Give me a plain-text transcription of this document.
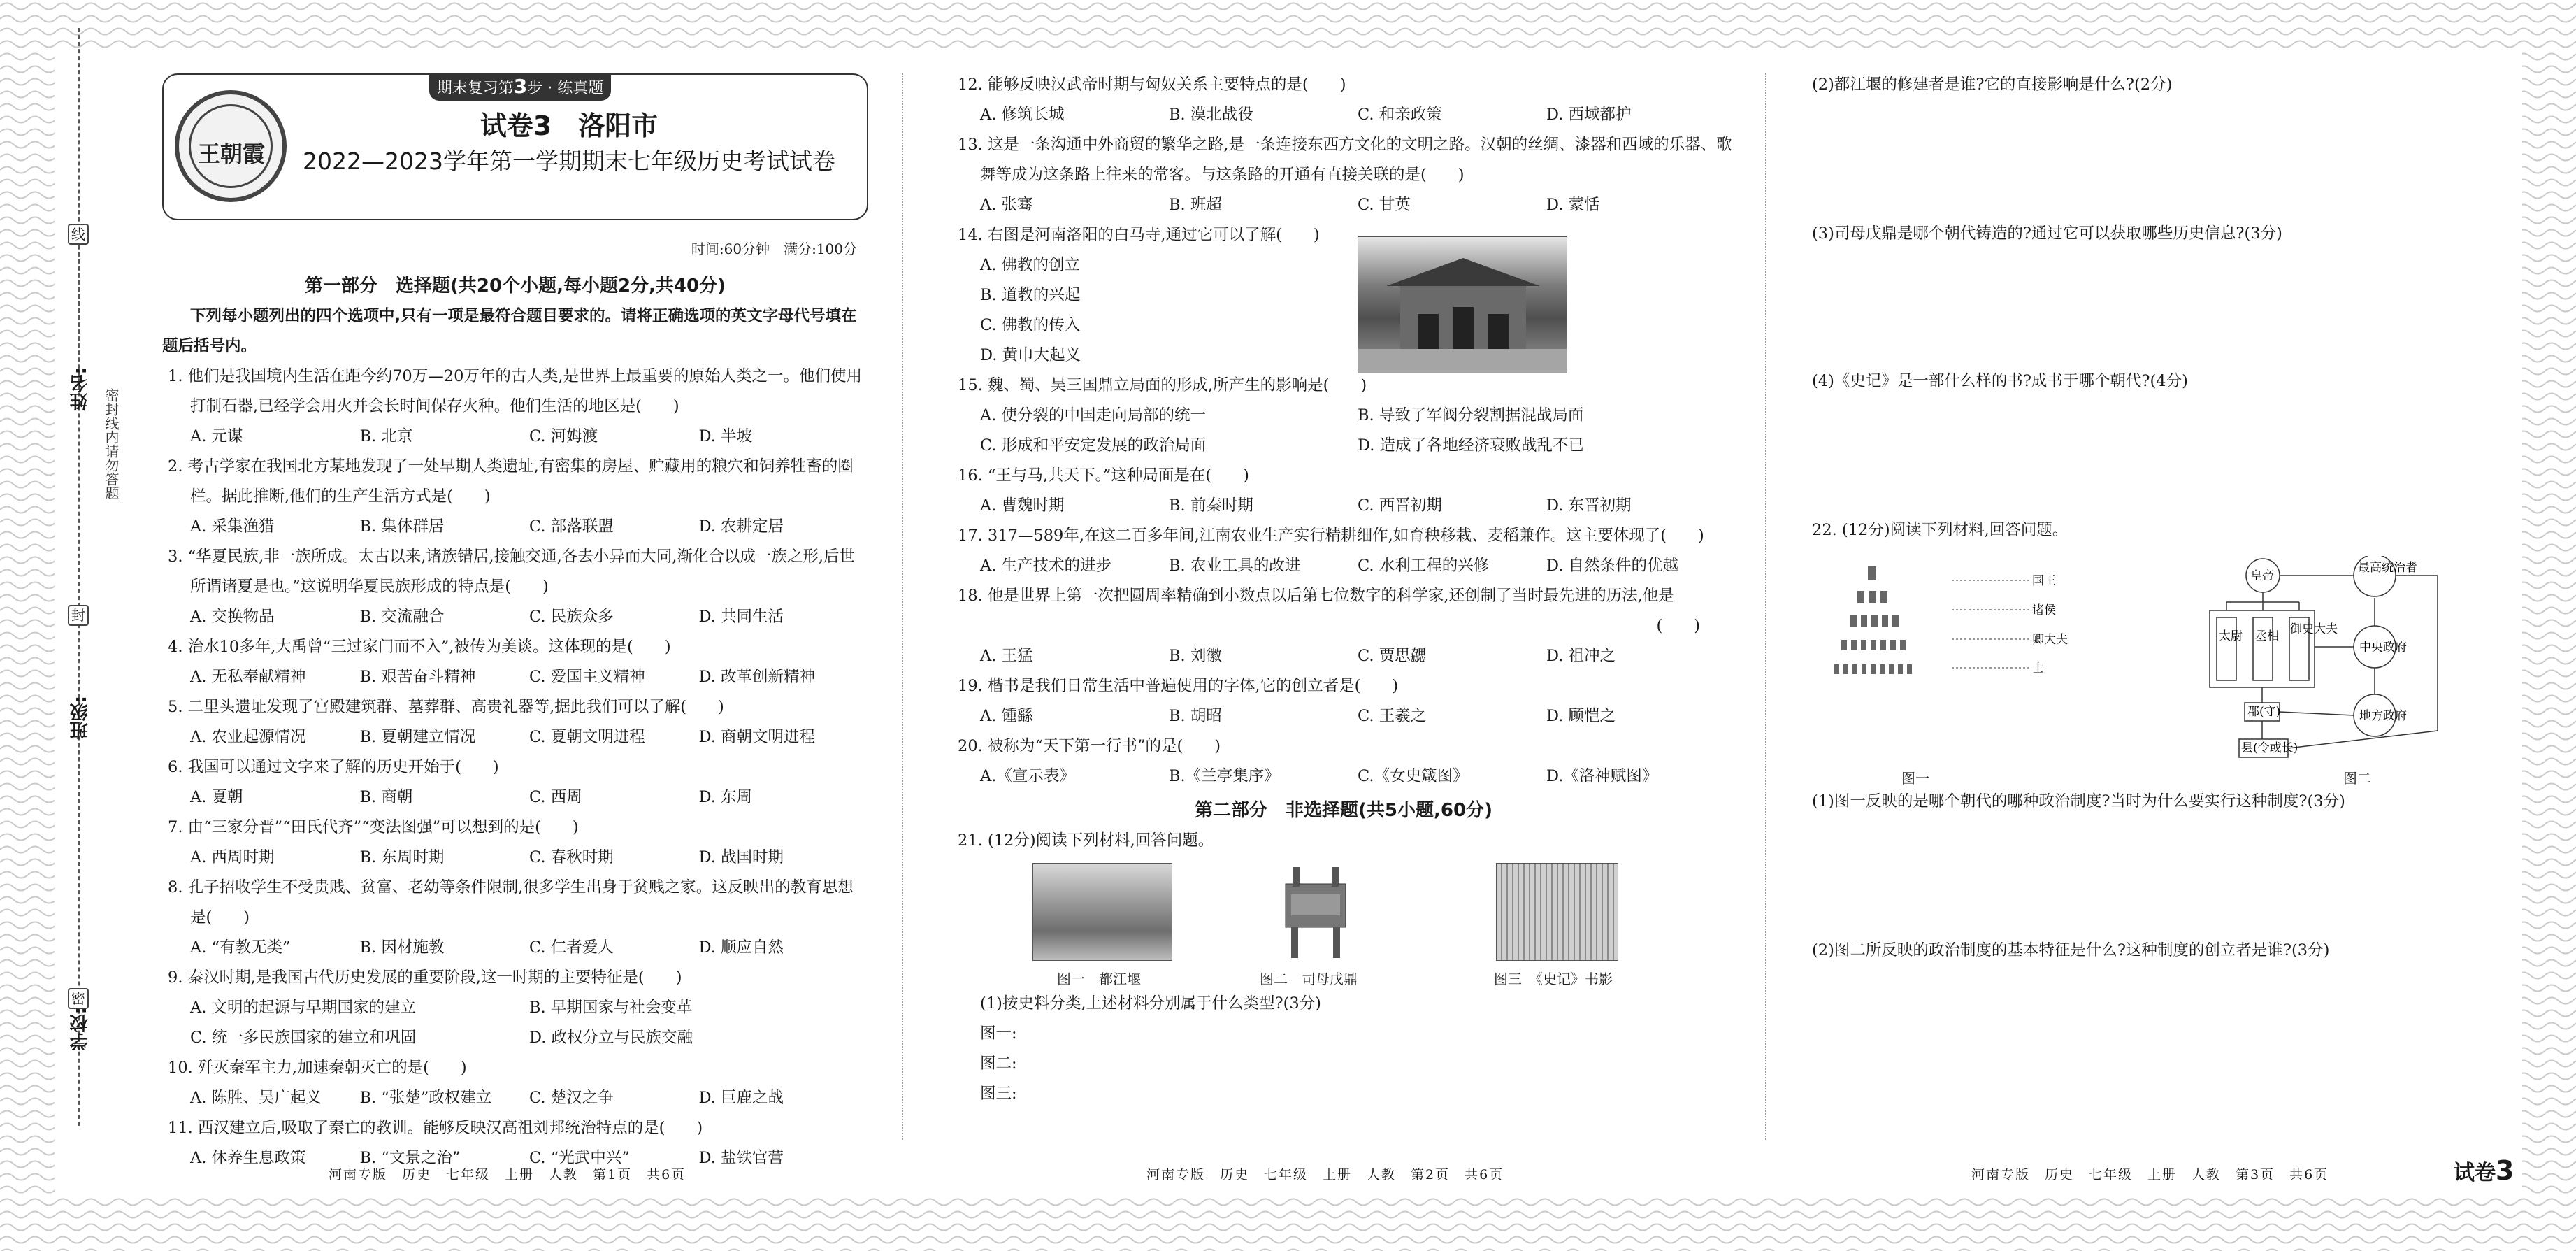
线
密封线内请勿答题
封
密
姓名:
班级:
学校:
期末复习第3步 · 练真题
王朝霞
试卷3　洛阳市
2022—2023学年第一学期期末七年级历史考试试卷
时间:60分钟　满分:100分
第一部分　选择题(共20个小题,每小题2分,共40分)
下列每小题列出的四个选项中,只有一项是最符合题目要求的。请将正确选项的英文字母代号填在题后括号内。
1. 他们是我国境内生活在距今约70万—20万年的古人类,是世界上最重要的原始人类之一。他们使用打制石器,已经学会用火并会长时间保存火种。他们生活的地区是(　　)
A. 元谋	B. 北京	C. 河姆渡	D. 半坡
2. 考古学家在我国北方某地发现了一处早期人类遗址,有密集的房屋、贮藏用的粮穴和饲养牲畜的圈栏。据此推断,他们的生产生活方式是(　　)
A. 采集渔猎	B. 集体群居	C. 部落联盟	D. 农耕定居
3. “华夏民族,非一族所成。太古以来,诸族错居,接触交通,各去小异而大同,渐化合以成一族之形,后世所谓诸夏是也。”这说明华夏民族形成的特点是(　　)
A. 交换物品	B. 交流融合	C. 民族众多	D. 共同生活
4. 治水10多年,大禹曾“三过家门而不入”,被传为美谈。这体现的是(　　)
A. 无私奉献精神	B. 艰苦奋斗精神	C. 爱国主义精神	D. 改革创新精神
5. 二里头遗址发现了宫殿建筑群、墓葬群、高贵礼器等,据此我们可以了解(　　)
A. 农业起源情况	B. 夏朝建立情况	C. 夏朝文明进程	D. 商朝文明进程
6. 我国可以通过文字来了解的历史开始于(　　)
A. 夏朝	B. 商朝	C. 西周	D. 东周
7. 由“三家分晋”“田氏代齐”“变法图强”可以想到的是(　　)
A. 西周时期	B. 东周时期	C. 春秋时期	D. 战国时期
8. 孔子招收学生不受贵贱、贫富、老幼等条件限制,很多学生出身于贫贱之家。这反映出的教育思想是(　　)
A. “有教无类”	B. 因材施教	C. 仁者爱人	D. 顺应自然
9. 秦汉时期,是我国古代历史发展的重要阶段,这一时期的主要特征是(　　)
A. 文明的起源与早期国家的建立	B. 早期国家与社会变革
C. 统一多民族国家的建立和巩固	D. 政权分立与民族交融
10. 歼灭秦军主力,加速秦朝灭亡的是(　　)
A. 陈胜、吴广起义	B. “张楚”政权建立	C. 楚汉之争	D. 巨鹿之战
11. 西汉建立后,吸取了秦亡的教训。能够反映汉高祖刘邦统治特点的是(　　)
A. 休养生息政策	B. “文景之治”	C. “光武中兴”	D. 盐铁官营
12. 能够反映汉武帝时期与匈奴关系主要特点的是(　　)
A. 修筑长城	B. 漠北战役	C. 和亲政策	D. 西域都护
13. 这是一条沟通中外商贸的繁华之路,是一条连接东西方文化的文明之路。汉朝的丝绸、漆器和西域的乐器、歌舞等成为这条路上往来的常客。与这条路的开通有直接关联的是(　　)
A. 张骞	B. 班超	C. 甘英	D. 蒙恬
14. 右图是河南洛阳的白马寺,通过它可以了解(　　)
A. 佛教的创立
B. 道教的兴起
C. 佛教的传入
D. 黄巾大起义
15. 魏、蜀、吴三国鼎立局面的形成,所产生的影响是(　　)
A. 使分裂的中国走向局部的统一	B. 导致了军阀分裂割据混战局面
C. 形成和平安定发展的政治局面	D. 造成了各地经济衰败战乱不已
16. “王与马,共天下。”这种局面是在(　　)
A. 曹魏时期	B. 前秦时期	C. 西晋初期	D. 东晋初期
17. 317—589年,在这二百多年间,江南农业生产实行精耕细作,如育秧移栽、麦稻兼作。这主要体现了(　　)
A. 生产技术的进步	B. 农业工具的改进	C. 水利工程的兴修	D. 自然条件的优越
18. 他是世界上第一次把圆周率精确到小数点以后第七位数字的科学家,还创制了当时最先进的历法,他是
(　　)
A. 王猛	B. 刘徽	C. 贾思勰	D. 祖冲之
19. 楷书是我们日常生活中普遍使用的字体,它的创立者是(　　)
A. 锺繇	B. 胡昭	C. 王羲之	D. 顾恺之
20. 被称为“天下第一行书”的是(　　)
A.《宣示表》	B.《兰亭集序》	C.《女史箴图》	D.《洛神赋图》
第二部分　非选择题(共5小题,60分)
21. (12分)阅读下列材料,回答问题。
图一　都江堰	图二　司母戊鼎	图三　《史记》书影
(1)按史料分类,上述材料分别属于什么类型?(3分)
图一:
图二:
图三:
(2)都江堰的修建者是谁?它的直接影响是什么?(2分)
(3)司母戊鼎是哪个朝代铸造的?通过它可以获取哪些历史信息?(3分)
(4)《史记》是一部什么样的书?成书于哪个朝代?(4分)
22. (12分)阅读下列材料,回答问题。
国王
诸侯
卿大夫
士
图一
皇帝
最高统治者
太尉 丞相 御史大夫
中央政府
郡(守)	地方政府
县(令或长)
图二
(1)图一反映的是哪个朝代的哪种政治制度?当时为什么要实行这种制度?(3分)
(2)图二所反映的政治制度的基本特征是什么?这种制度的创立者是谁?(3分)
河南专版　历史　七年级　上册　人教　第1页　共6页	河南专版　历史　七年级　上册　人教　第2页　共6页	河南专版　历史　七年级　上册　人教　第3页　共6页	试卷3
